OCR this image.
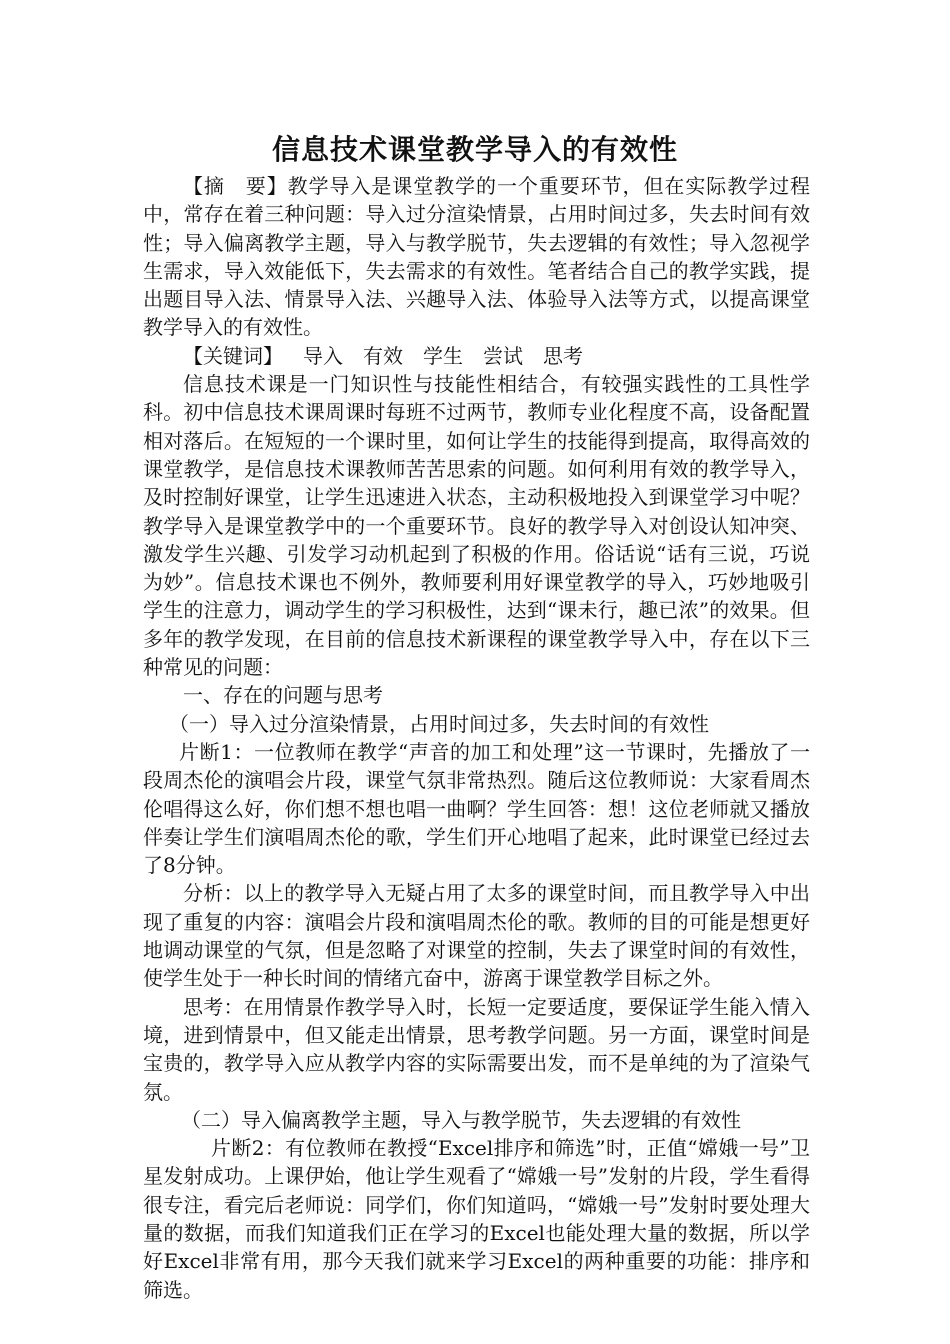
信息技术课堂教学导入的有效性

【摘　要】教学导入是课堂教学的一个重要环节，但在实际教学过程中，常存在着三种问题：导入过分渲染情景，占用时间过多，失去时间有效性；导入偏离教学主题，导入与教学脱节，失去逻辑的有效性；导入忽视学生需求，导入效能低下，失去需求的有效性。笔者结合自己的教学实践，提出题目导入法、情景导入法、兴趣导入法、体验导入法等方式，以提高课堂教学导入的有效性。

【关键词】 导入 有效 学生 尝试 思考

信息技术课是一门知识性与技能性相结合，有较强实践性的工具性学科。初中信息技术课周课时每班不过两节，教师专业化程度不高，设备配置相对落后。在短短的一个课时里，如何让学生的技能得到提高，取得高效的课堂教学，是信息技术课教师苦苦思索的问题。如何利用有效的教学导入，及时控制好课堂，让学生迅速进入状态，主动积极地投入到课堂学习中呢？教学导入是课堂教学中的一个重要环节。良好的教学导入对创设认知冲突、激发学生兴趣、引发学习动机起到了积极的作用。俗话说“话有三说，巧说为妙”。信息技术课也不例外，教师要利用好课堂教学的导入，巧妙地吸引学生的注意力，调动学生的学习积极性，达到“课未行，趣已浓”的效果。但多年的教学发现，在目前的信息技术新课程的课堂教学导入中，存在以下三种常见的问题：

一、存在的问题与思考

（一）导入过分渲染情景，占用时间过多，失去时间的有效性

片断1：一位教师在教学“声音的加工和处理”这一节课时，先播放了一段周杰伦的演唱会片段，课堂气氛非常热烈。随后这位教师说：大家看周杰伦唱得这么好，你们想不想也唱一曲啊？学生回答：想！这位老师就又播放伴奏让学生们演唱周杰伦的歌，学生们开心地唱了起来，此时课堂已经过去了8分钟。

分析：以上的教学导入无疑占用了太多的课堂时间，而且教学导入中出现了重复的内容：演唱会片段和演唱周杰伦的歌。教师的目的可能是想更好地调动课堂的气氛，但是忽略了对课堂的控制，失去了课堂时间的有效性，使学生处于一种长时间的情绪亢奋中，游离于课堂教学目标之外。

思考：在用情景作教学导入时，长短一定要适度，要保证学生能入情入境，进到情景中，但又能走出情景，思考教学问题。另一方面，课堂时间是宝贵的，教学导入应从教学内容的实际需要出发，而不是单纯的为了渲染气氛。

（二）导入偏离教学主题，导入与教学脱节，失去逻辑的有效性

片断2：有位教师在教授“Excel排序和筛选”时，正值“嫦娥一号”卫星发射成功。上课伊始，他让学生观看了“嫦娥一号”发射的片段，学生看得很专注，看完后老师说：同学们，你们知道吗，“嫦娥一号”发射时要处理大量的数据，而我们知道我们正在学习的Excel也能处理大量的数据，所以学好Excel非常有用，那今天我们就来学习Excel的两种重要的功能：排序和筛选。
